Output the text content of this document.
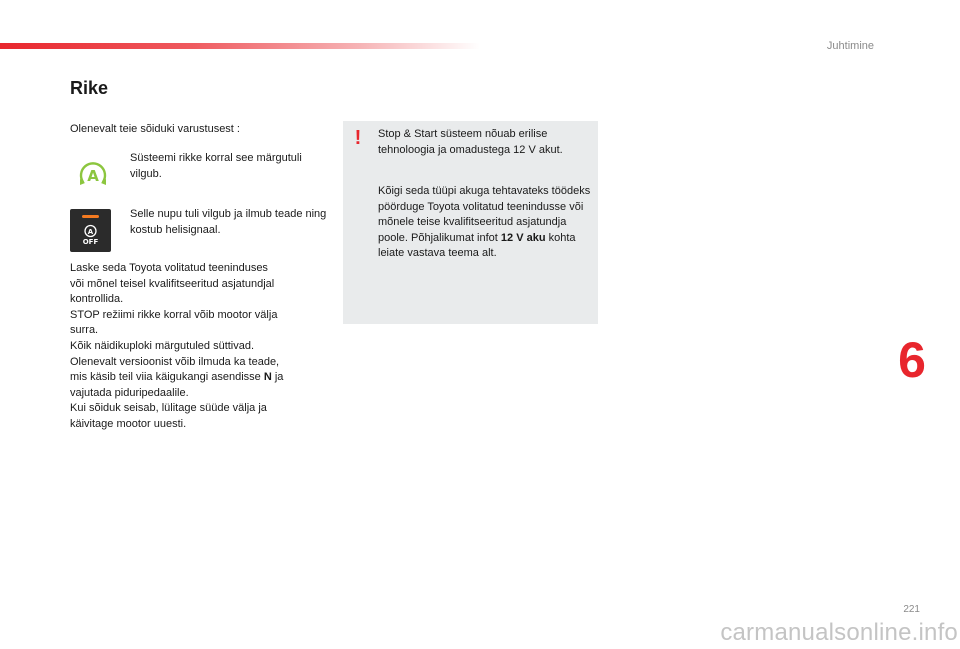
Juhtimine
Rike

Olenevalt teie sõiduki varustusest :

A

Süsteemi rikke korral see märgutuli vilgub.

A
OFF

Selle nupu tuli vilgub ja ilmub teade ning kostub helisignaal.

Laske seda Toyota volitatud teeninduses
või mõnel teisel kvalifitseeritud asjatundjal
kontrollida.
STOP režiimi rikke korral võib mootor välja
surra.
Kõik näidikuploki märgutuled süttivad.
Olenevalt versioonist võib ilmuda ka teade,
mis käsib teil viia käigukangi asendisse N ja
vajutada piduripedaalile.
Kui sõiduk seisab, lülitage süüde välja ja
käivitage mootor uuesti.
! Stop & Start süsteem nõuab erilise tehnoloogia ja omadustega 12 V akut.

Kõigi seda tüüpi akuga tehtavateks töödeks pöörduge Toyota volitatud teenindusse või mõnele teise kvalifitseeritud asjatundja poole. Põhjalikumat infot 12 V aku kohta leiate vastava teema alt.

6
221
carmanualsonline.info
